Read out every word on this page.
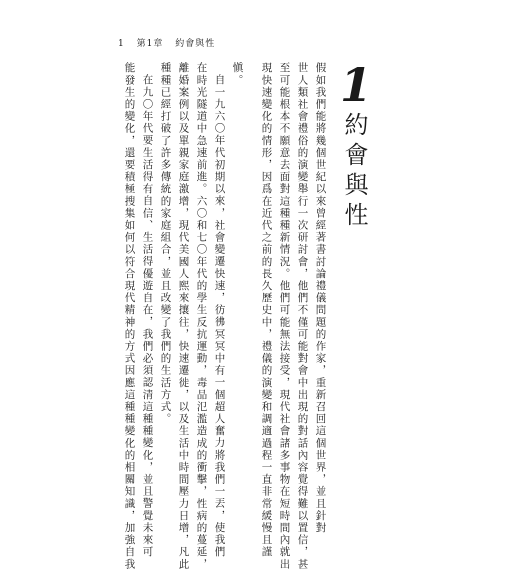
1 第1章 約會與性
1
約會與性
假如我們能將幾個世紀以來曾經著書討論禮儀問題的作家，重新召回這個世界，並且針對
世人類社會禮俗的演變舉行一次研討會，他們不僅可能對會中出現的對話內容覺得難以置信，甚
至可能根本不願意去面對這種種新情況。他們可能無法接受，現代社會諸多事物在短時間內就出
現快速變化的情形，因爲在近代之前的長久歷史中，禮儀的演變和調適過程一直非常緩慢且謹
愼。
自一九六〇年代初期以來，社會變遷快速，彷彿冥冥中有一個超人奮力將我們一丟，使我們
在時光隧道中急速前進。六〇和七〇年代的學生反抗運動，毒品氾濫造成的衝擊，性病的蔓延，
離婚案例以及單親家庭激增，現代美國人熙來攘往，快速遷徙，以及生活中時間壓力日增，凡此
種種已經打破了許多傳統的家庭組合，並且改變了我們的生活方式。
在九〇年代要生活得有自信、生活得優遊自在，我們必須認清這種種變化，並且警覺未來可
能發生的變化，還要積極搜集如何以符合現代精神的方式因應這種種變化的相關知識，加強自我
